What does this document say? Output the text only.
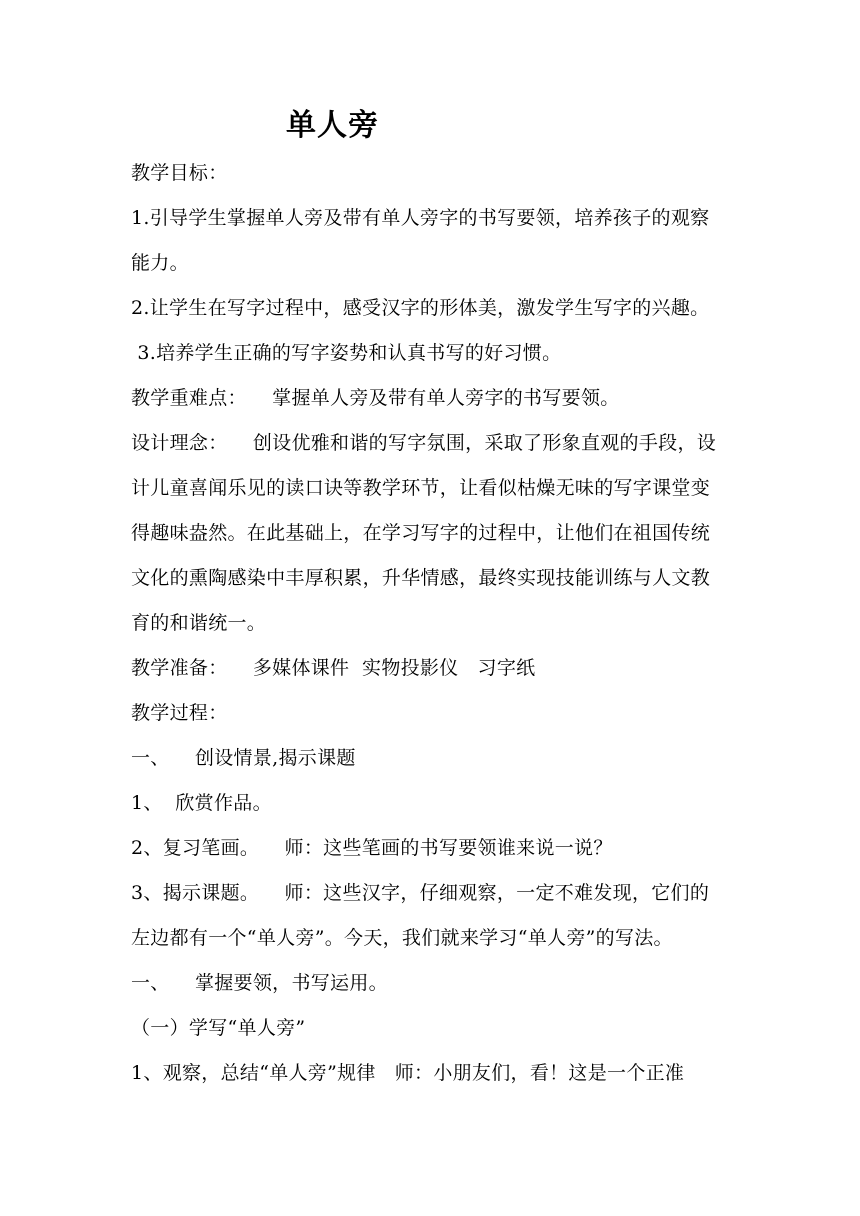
单人旁
教学目标：
1.引导学生掌握单人旁及带有单人旁字的书写要领，培养孩子的观察
能力。
2.让学生在写字过程中，感受汉字的形体美，激发学生写字的兴趣。
3.培养学生正确的写字姿势和认真书写的好习惯。
教学重难点：    掌握单人旁及带有单人旁字的书写要领。
设计理念：    创设优雅和谐的写字氛围，采取了形象直观的手段，设
计儿童喜闻乐见的读口诀等教学环节，让看似枯燥无味的写字课堂变
得趣味盎然。在此基础上，在学习写字的过程中，让他们在祖国传统
文化的熏陶感染中丰厚积累，升华情感，最终实现技能训练与人文教
育的和谐统一。
教学准备：    多媒体课件  实物投影仪   习字纸
教学过程：
一、    创设情景,揭示课题
1、  欣赏作品。
2、复习笔画。    师：这些笔画的书写要领谁来说一说？
3、揭示课题。    师：这些汉字，仔细观察，一定不难发现，它们的
左边都有一个“单人旁”。今天，我们就来学习“单人旁”的写法。
一、    掌握要领，书写运用。
（一）学写“单人旁”
1、观察，总结“单人旁”规律   师：小朋友们，看！这是一个正准
